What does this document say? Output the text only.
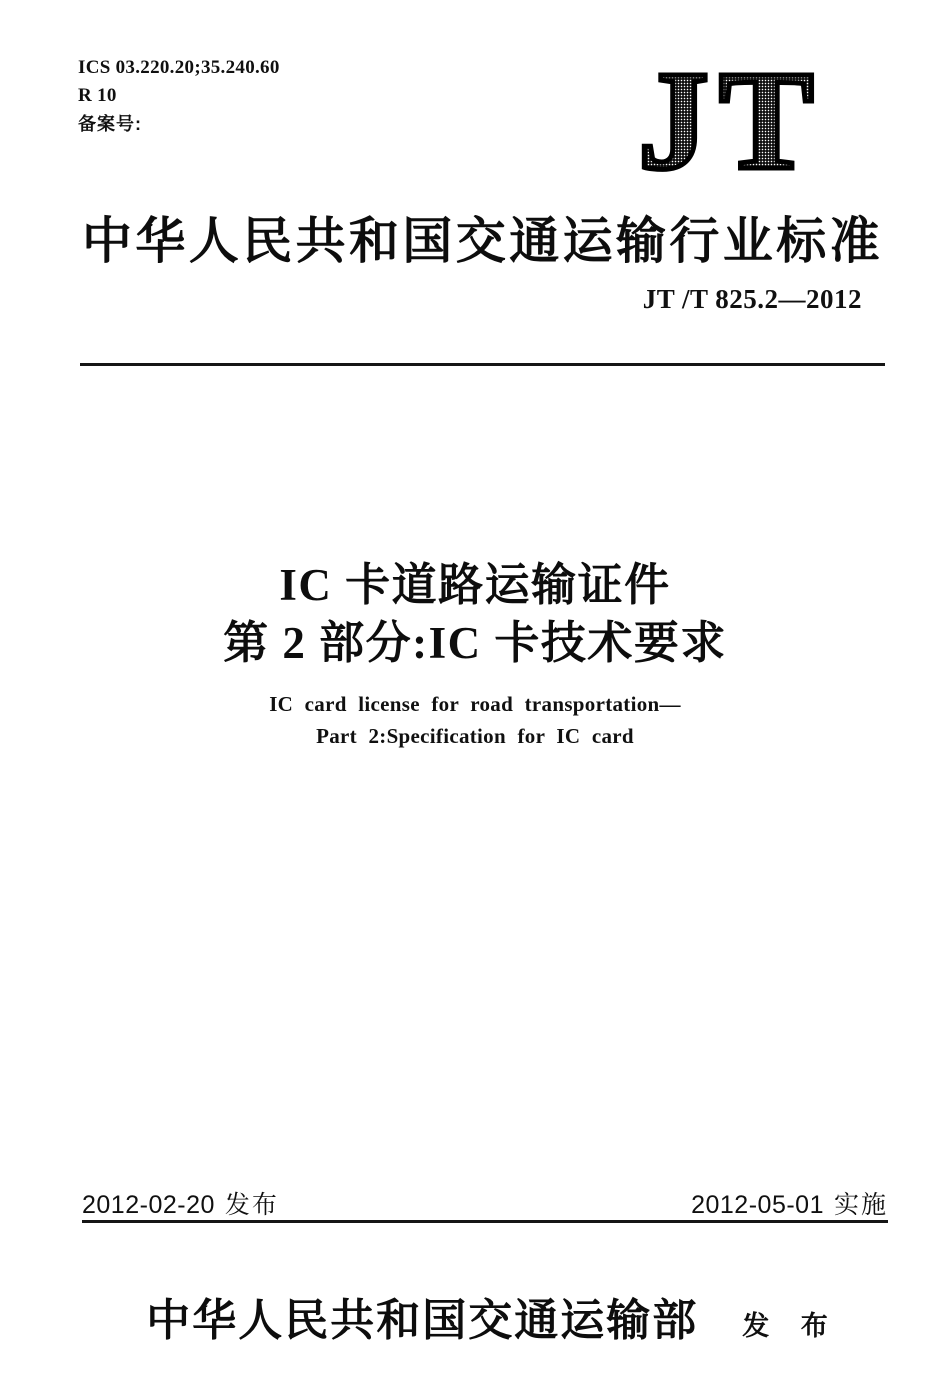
ICS 03.220.20;35.240.60
R 10
备案号:	JT
中华人民共和国交通运输行业标准
JT /T 825.2—2012
IC 卡道路运输证件
第 2 部分:IC 卡技术要求
IC card license for road transportation—
Part 2:Specification for IC card
2012-02-20 发布	2012-05-01 实施
中华人民共和国交通运输部 发 布
